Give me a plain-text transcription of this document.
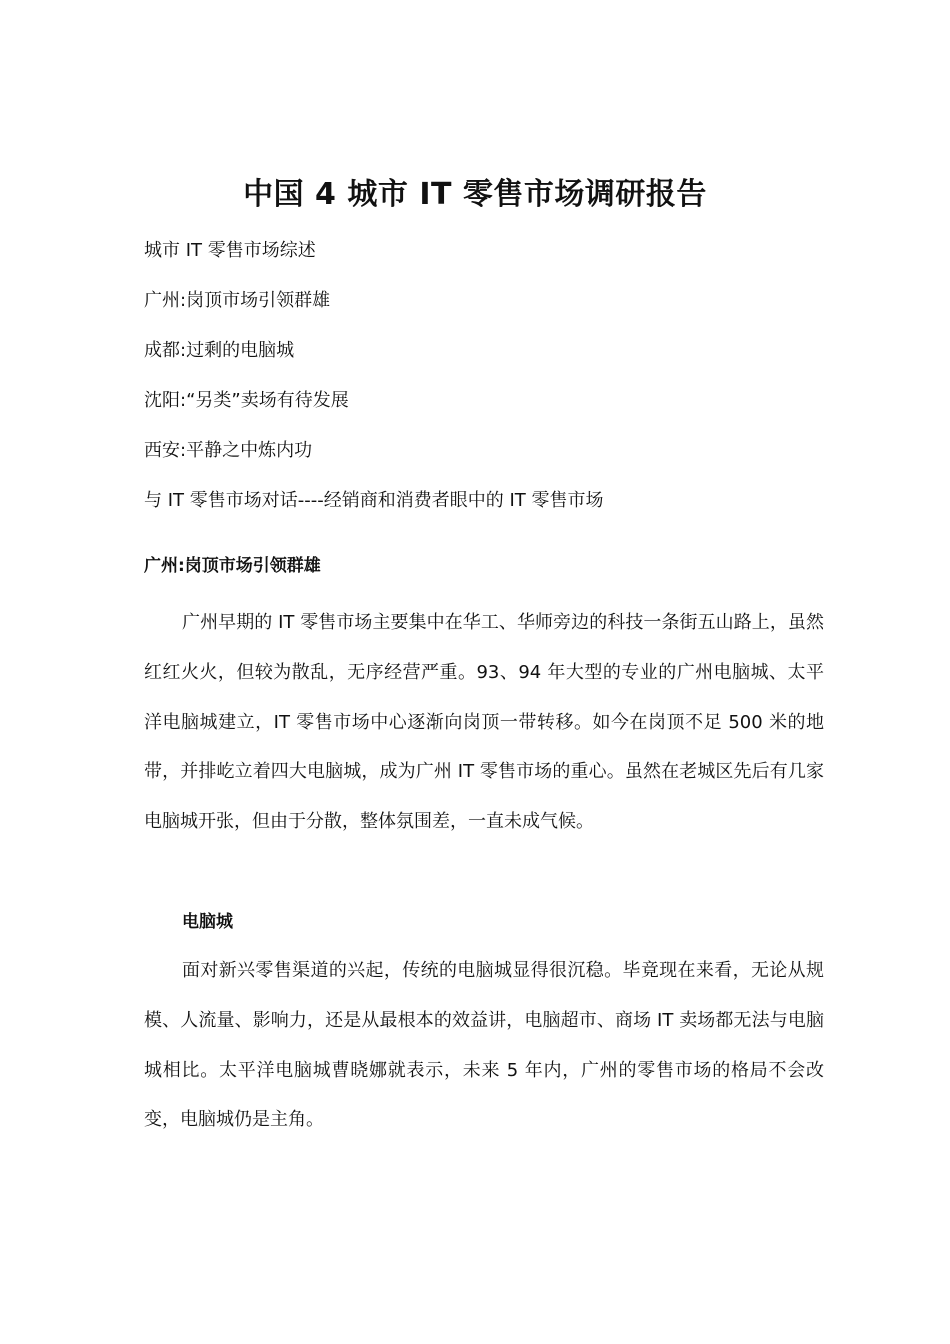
中国 4 城市 IT 零售市场调研报告
城市 IT 零售市场综述
广州:岗顶市场引领群雄
成都:过剩的电脑城
沈阳:“另类”卖场有待发展
西安:平静之中炼内功
与 IT 零售市场对话----经销商和消费者眼中的 IT 零售市场
广州:岗顶市场引领群雄

广州早期的 IT 零售市场主要集中在华工、华师旁边的科技一条街五山路上，虽然红红火火，但较为散乱，无序经营严重。93、94 年大型的专业的广州电脑城、太平洋电脑城建立，IT 零售市场中心逐渐向岗顶一带转移。如今在岗顶不足 500 米的地带，并排屹立着四大电脑城，成为广州 IT 零售市场的重心。虽然在老城区先后有几家电脑城开张，但由于分散，整体氛围差，一直未成气候。

电脑城

面对新兴零售渠道的兴起，传统的电脑城显得很沉稳。毕竟现在来看，无论从规模、人流量、影响力，还是从最根本的效益讲，电脑超市、商场 IT 卖场都无法与电脑城相比。太平洋电脑城曹晓娜就表示，未来 5 年内，广州的零售市场的格局不会改变，电脑城仍是主角。
